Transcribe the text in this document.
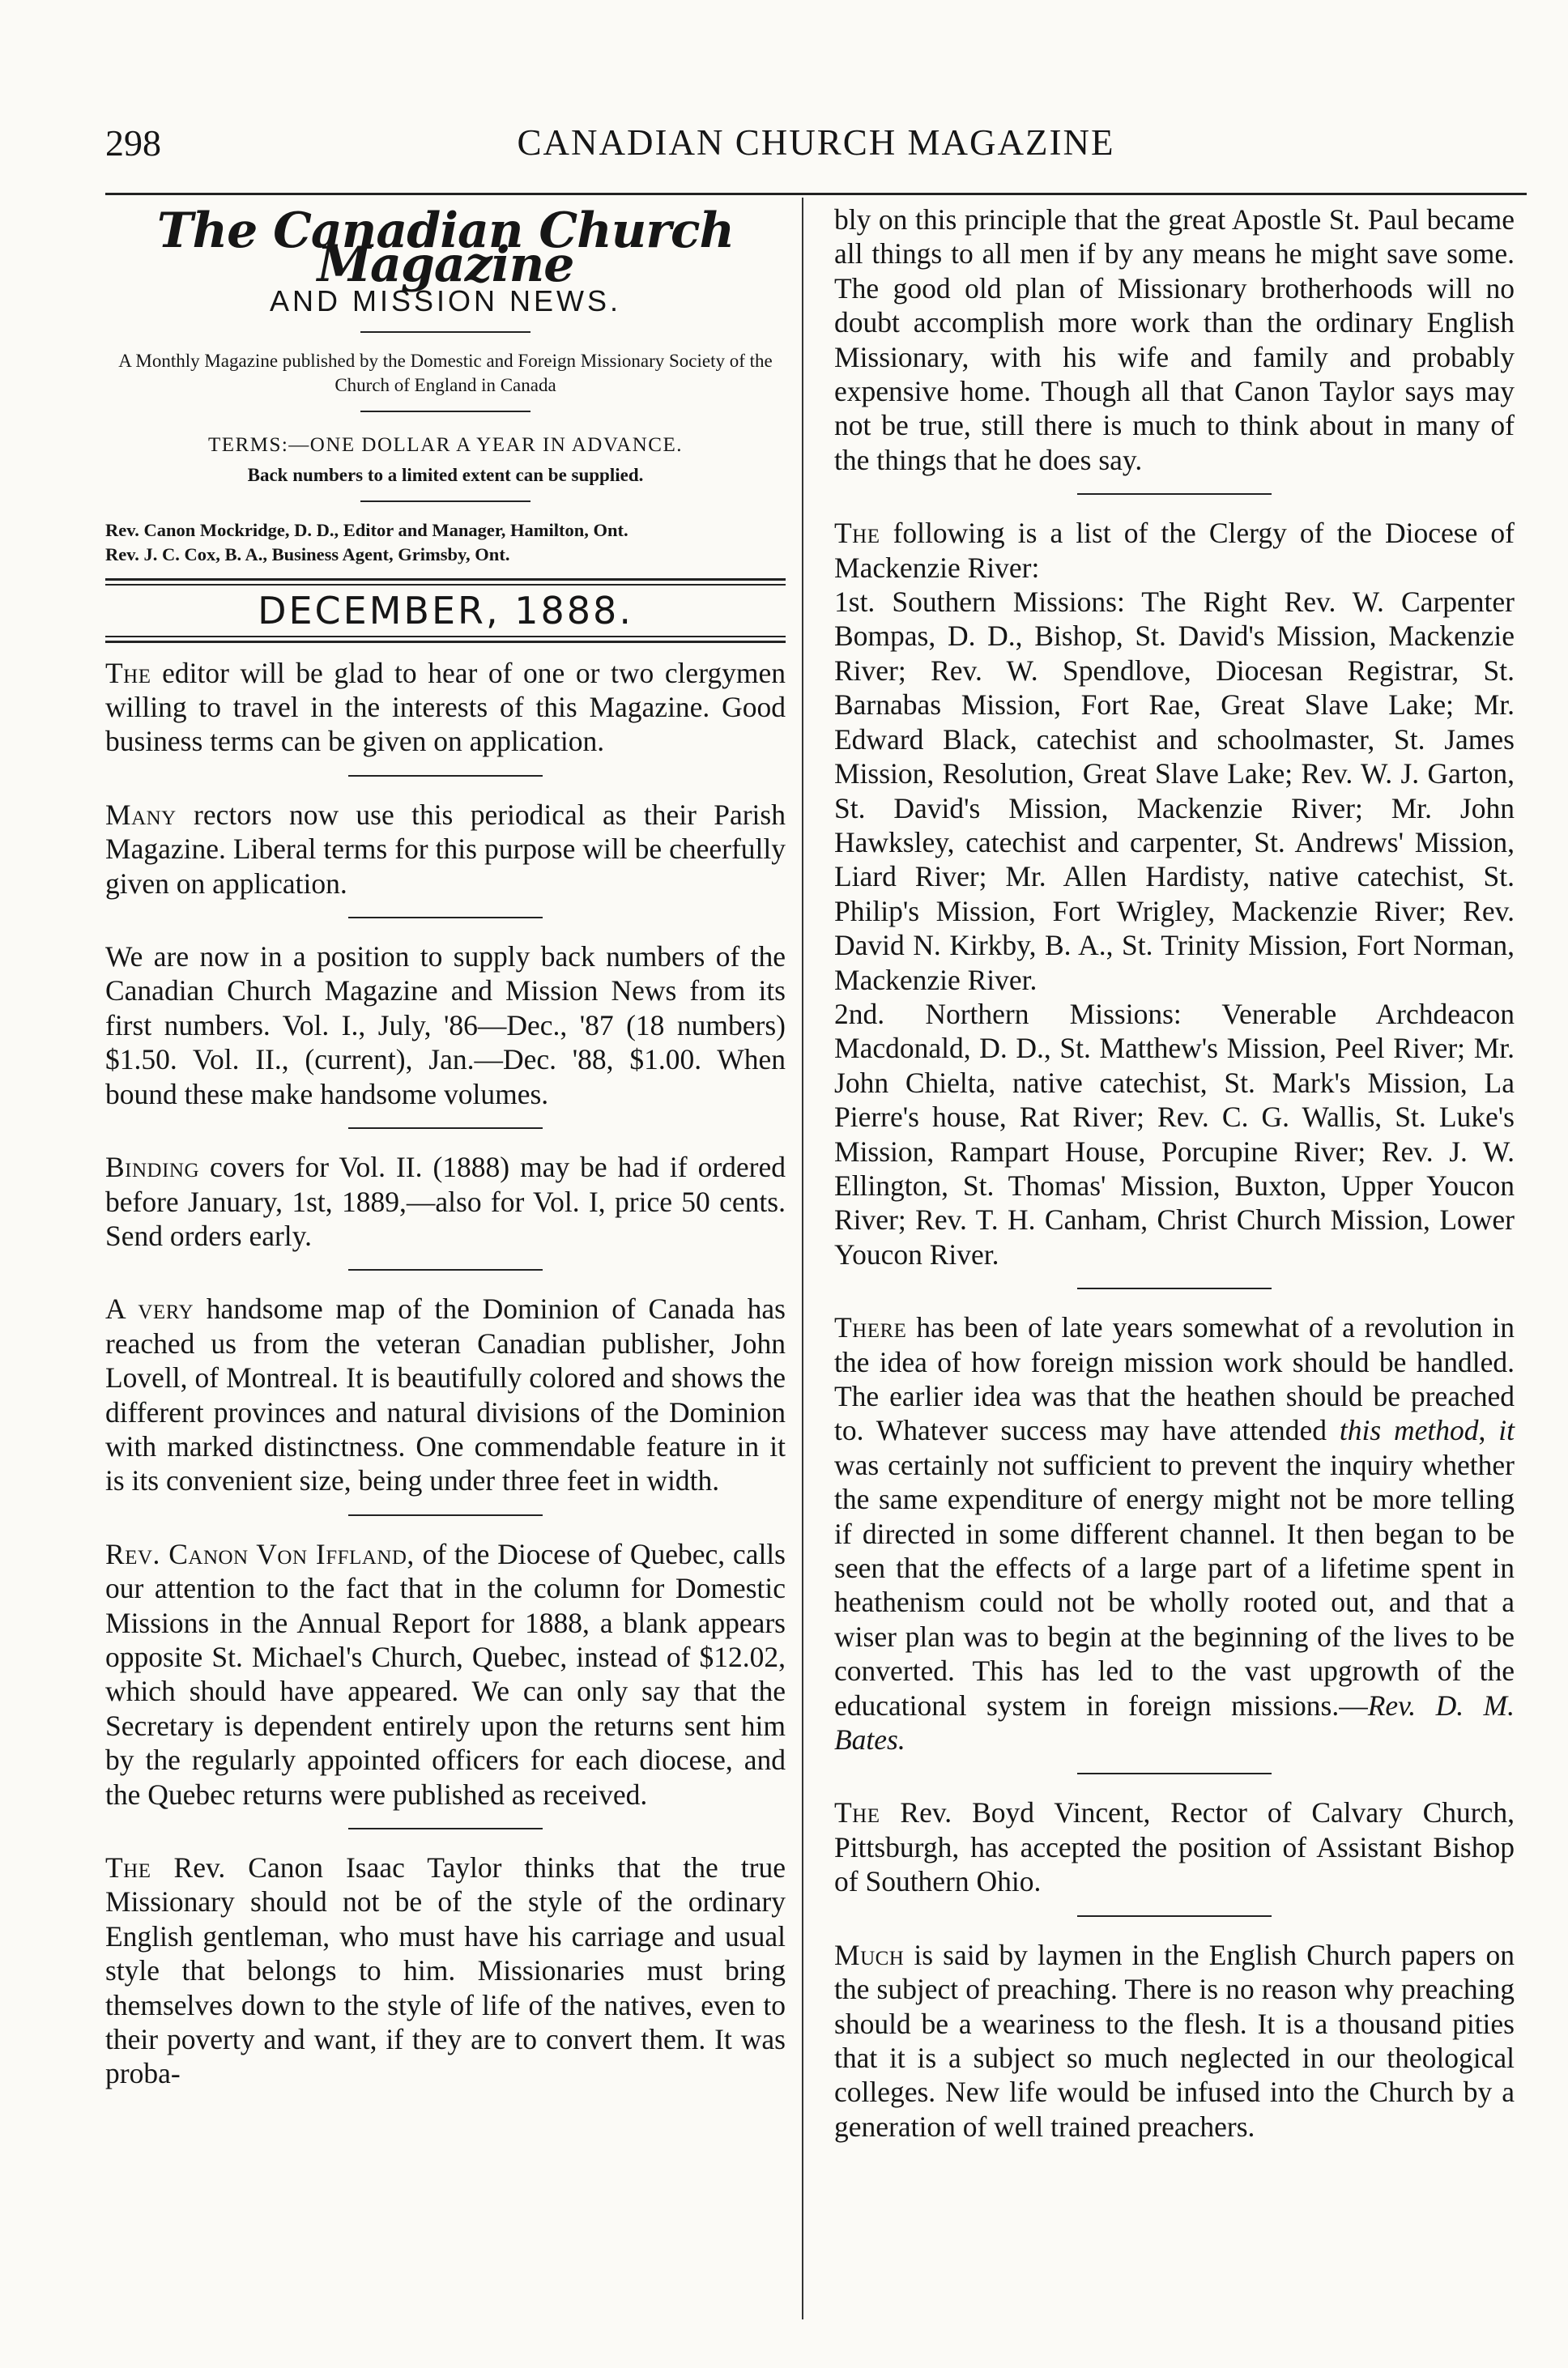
298	CANADIAN CHURCH MAGAZINE
The Canadian Church Magazine
AND MISSION NEWS.
A Monthly Magazine published by the Domestic and Foreign Missionary Society of the Church of England in Canada
TERMS:—ONE DOLLAR A YEAR IN ADVANCE.
Back numbers to a limited extent can be supplied.
Rev. Canon Mockridge, D. D., Editor and Manager, Hamilton, Ont.
Rev. J. C. Cox, B. A., Business Agent, Grimsby, Ont.
DECEMBER, 1888.

The editor will be glad to hear of one or two clergymen willing to travel in the interests of this Magazine. Good business terms can be given on application.

Many rectors now use this periodical as their Parish Magazine. Liberal terms for this purpose will be cheerfully given on application.

We are now in a position to supply back numbers of the Canadian Church Magazine and Mission News from its first numbers. Vol. I., July, '86—Dec., '87 (18 numbers) $1.50. Vol. II., (current), Jan.—Dec. '88, $1.00. When bound these make handsome volumes.

Binding covers for Vol. II. (1888) may be had if ordered before January, 1st, 1889,—also for Vol. I, price 50 cents. Send orders early.

A very handsome map of the Dominion of Canada has reached us from the veteran Canadian publisher, John Lovell, of Montreal. It is beautifully colored and shows the different provinces and natural divisions of the Dominion with marked distinctness. One commendable feature in it is its convenient size, being under three feet in width.

Rev. Canon Von Iffland, of the Diocese of Quebec, calls our attention to the fact that in the column for Domestic Missions in the Annual Report for 1888, a blank appears opposite St. Michael's Church, Quebec, instead of $12.02, which should have appeared. We can only say that the Secretary is dependent entirely upon the returns sent him by the regularly appointed officers for each diocese, and the Quebec returns were published as received.

The Rev. Canon Isaac Taylor thinks that the true Missionary should not be of the style of the ordinary English gentleman, who must have his carriage and usual style that belongs to him. Missionaries must bring themselves down to the style of life of the natives, even to their poverty and want, if they are to convert them. It was proba-

bly on this principle that the great Apostle St. Paul became all things to all men if by any means he might save some. The good old plan of Missionary brotherhoods will no doubt accomplish more work than the ordinary English Missionary, with his wife and family and probably expensive home. Though all that Canon Taylor says may not be true, still there is much to think about in many of the things that he does say.

The following is a list of the Clergy of the Diocese of Mackenzie River:

1st. Southern Missions: The Right Rev. W. Carpenter Bompas, D. D., Bishop, St. David's Mission, Mackenzie River; Rev. W. Spendlove, Diocesan Registrar, St. Barnabas Mission, Fort Rae, Great Slave Lake; Mr. Edward Black, catechist and schoolmaster, St. James Mission, Resolution, Great Slave Lake; Rev. W. J. Garton, St. David's Mission, Mackenzie River; Mr. John Hawksley, catechist and carpenter, St. Andrews' Mission, Liard River; Mr. Allen Hardisty, native catechist, St. Philip's Mission, Fort Wrigley, Mackenzie River; Rev. David N. Kirkby, B. A., St. Trinity Mission, Fort Norman, Mackenzie River.

2nd. Northern Missions: Venerable Archdeacon Macdonald, D. D., St. Matthew's Mission, Peel River; Mr. John Chielta, native catechist, St. Mark's Mission, La Pierre's house, Rat River; Rev. C. G. Wallis, St. Luke's Mission, Rampart House, Porcupine River; Rev. J. W. Ellington, St. Thomas' Mission, Buxton, Upper Youcon River; Rev. T. H. Canham, Christ Church Mission, Lower Youcon River.

There has been of late years somewhat of a revolution in the idea of how foreign mission work should be handled. The earlier idea was that the heathen should be preached to. Whatever success may have attended this method, it was certainly not sufficient to prevent the inquiry whether the same expenditure of energy might not be more telling if directed in some different channel. It then began to be seen that the effects of a large part of a lifetime spent in heathenism could not be wholly rooted out, and that a wiser plan was to begin at the beginning of the lives to be converted. This has led to the vast upgrowth of the educational system in foreign missions.—Rev. D. M. Bates.

The Rev. Boyd Vincent, Rector of Calvary Church, Pittsburgh, has accepted the position of Assistant Bishop of Southern Ohio.

Much is said by laymen in the English Church papers on the subject of preaching. There is no reason why preaching should be a weariness to the flesh. It is a thousand pities that it is a subject so much neglected in our theological colleges. New life would be infused into the Church by a generation of well trained preachers.
